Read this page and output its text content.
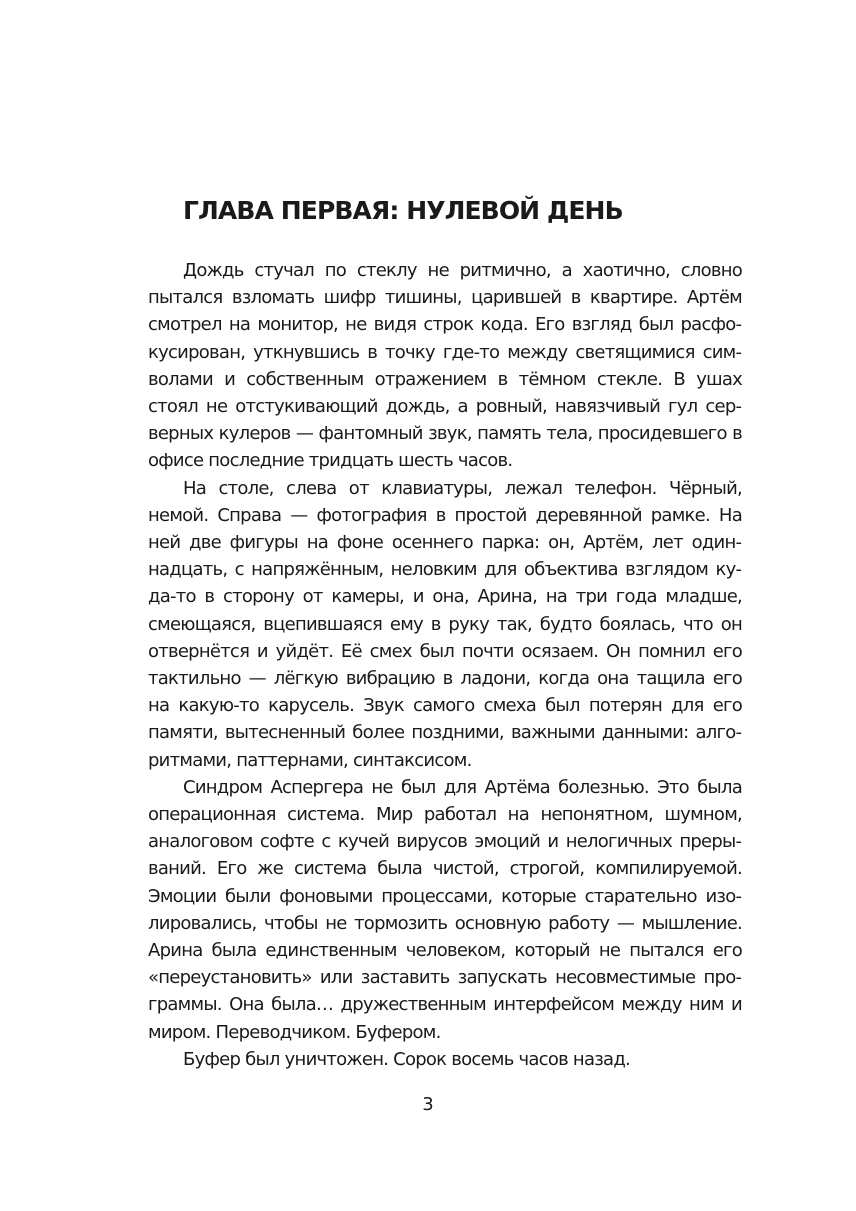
ГЛАВА ПЕРВАЯ: НУЛЕВОЙ ДЕНЬ

Дождь стучал по стеклу не ритмично, а хаотично, словно пытался взломать шифр тишины, царившей в квартире. Артём смотрел на монитор, не видя строк кода. Его взгляд был расфокусирован, уткнувшись в точку где-то между светящимися символами и собственным отражением в тёмном стекле. В ушах стоял не отстукивающий дождь, а ровный, навязчивый гул серверных кулеров — фантомный звук, память тела, просидевшего в офисе последние тридцать шесть часов.

На столе, слева от клавиатуры, лежал телефон. Чёрный, немой. Справа — фотография в простой деревянной рамке. На ней две фигуры на фоне осеннего парка: он, Артём, лет одиннадцать, с напряжённым, неловким для объектива взглядом куда-то в сторону от камеры, и она, Арина, на три года младше, смеющаяся, вцепившаяся ему в руку так, будто боялась, что он отвернётся и уйдёт. Её смех был почти осязаем. Он помнил его тактильно — лёгкую вибрацию в ладони, когда она тащила его на какую-то карусель. Звук самого смеха был потерян для его памяти, вытесненный более поздними, важными данными: алгоритмами, паттернами, синтаксисом.

Синдром Аспергера не был для Артёма болезнью. Это была операционная система. Мир работал на непонятном, шумном, аналоговом софте с кучей вирусов эмоций и нелогичных прерываний. Его же система была чистой, строгой, компилируемой. Эмоции были фоновыми процессами, которые старательно изолировались, чтобы не тормозить основную работу — мышление. Арина была единственным человеком, который не пытался его «переустановить» или заставить запускать несовместимые программы. Она была… дружественным интерфейсом между ним и миром. Переводчиком. Буфером.

Буфер был уничтожен. Сорок восемь часов назад.

3
